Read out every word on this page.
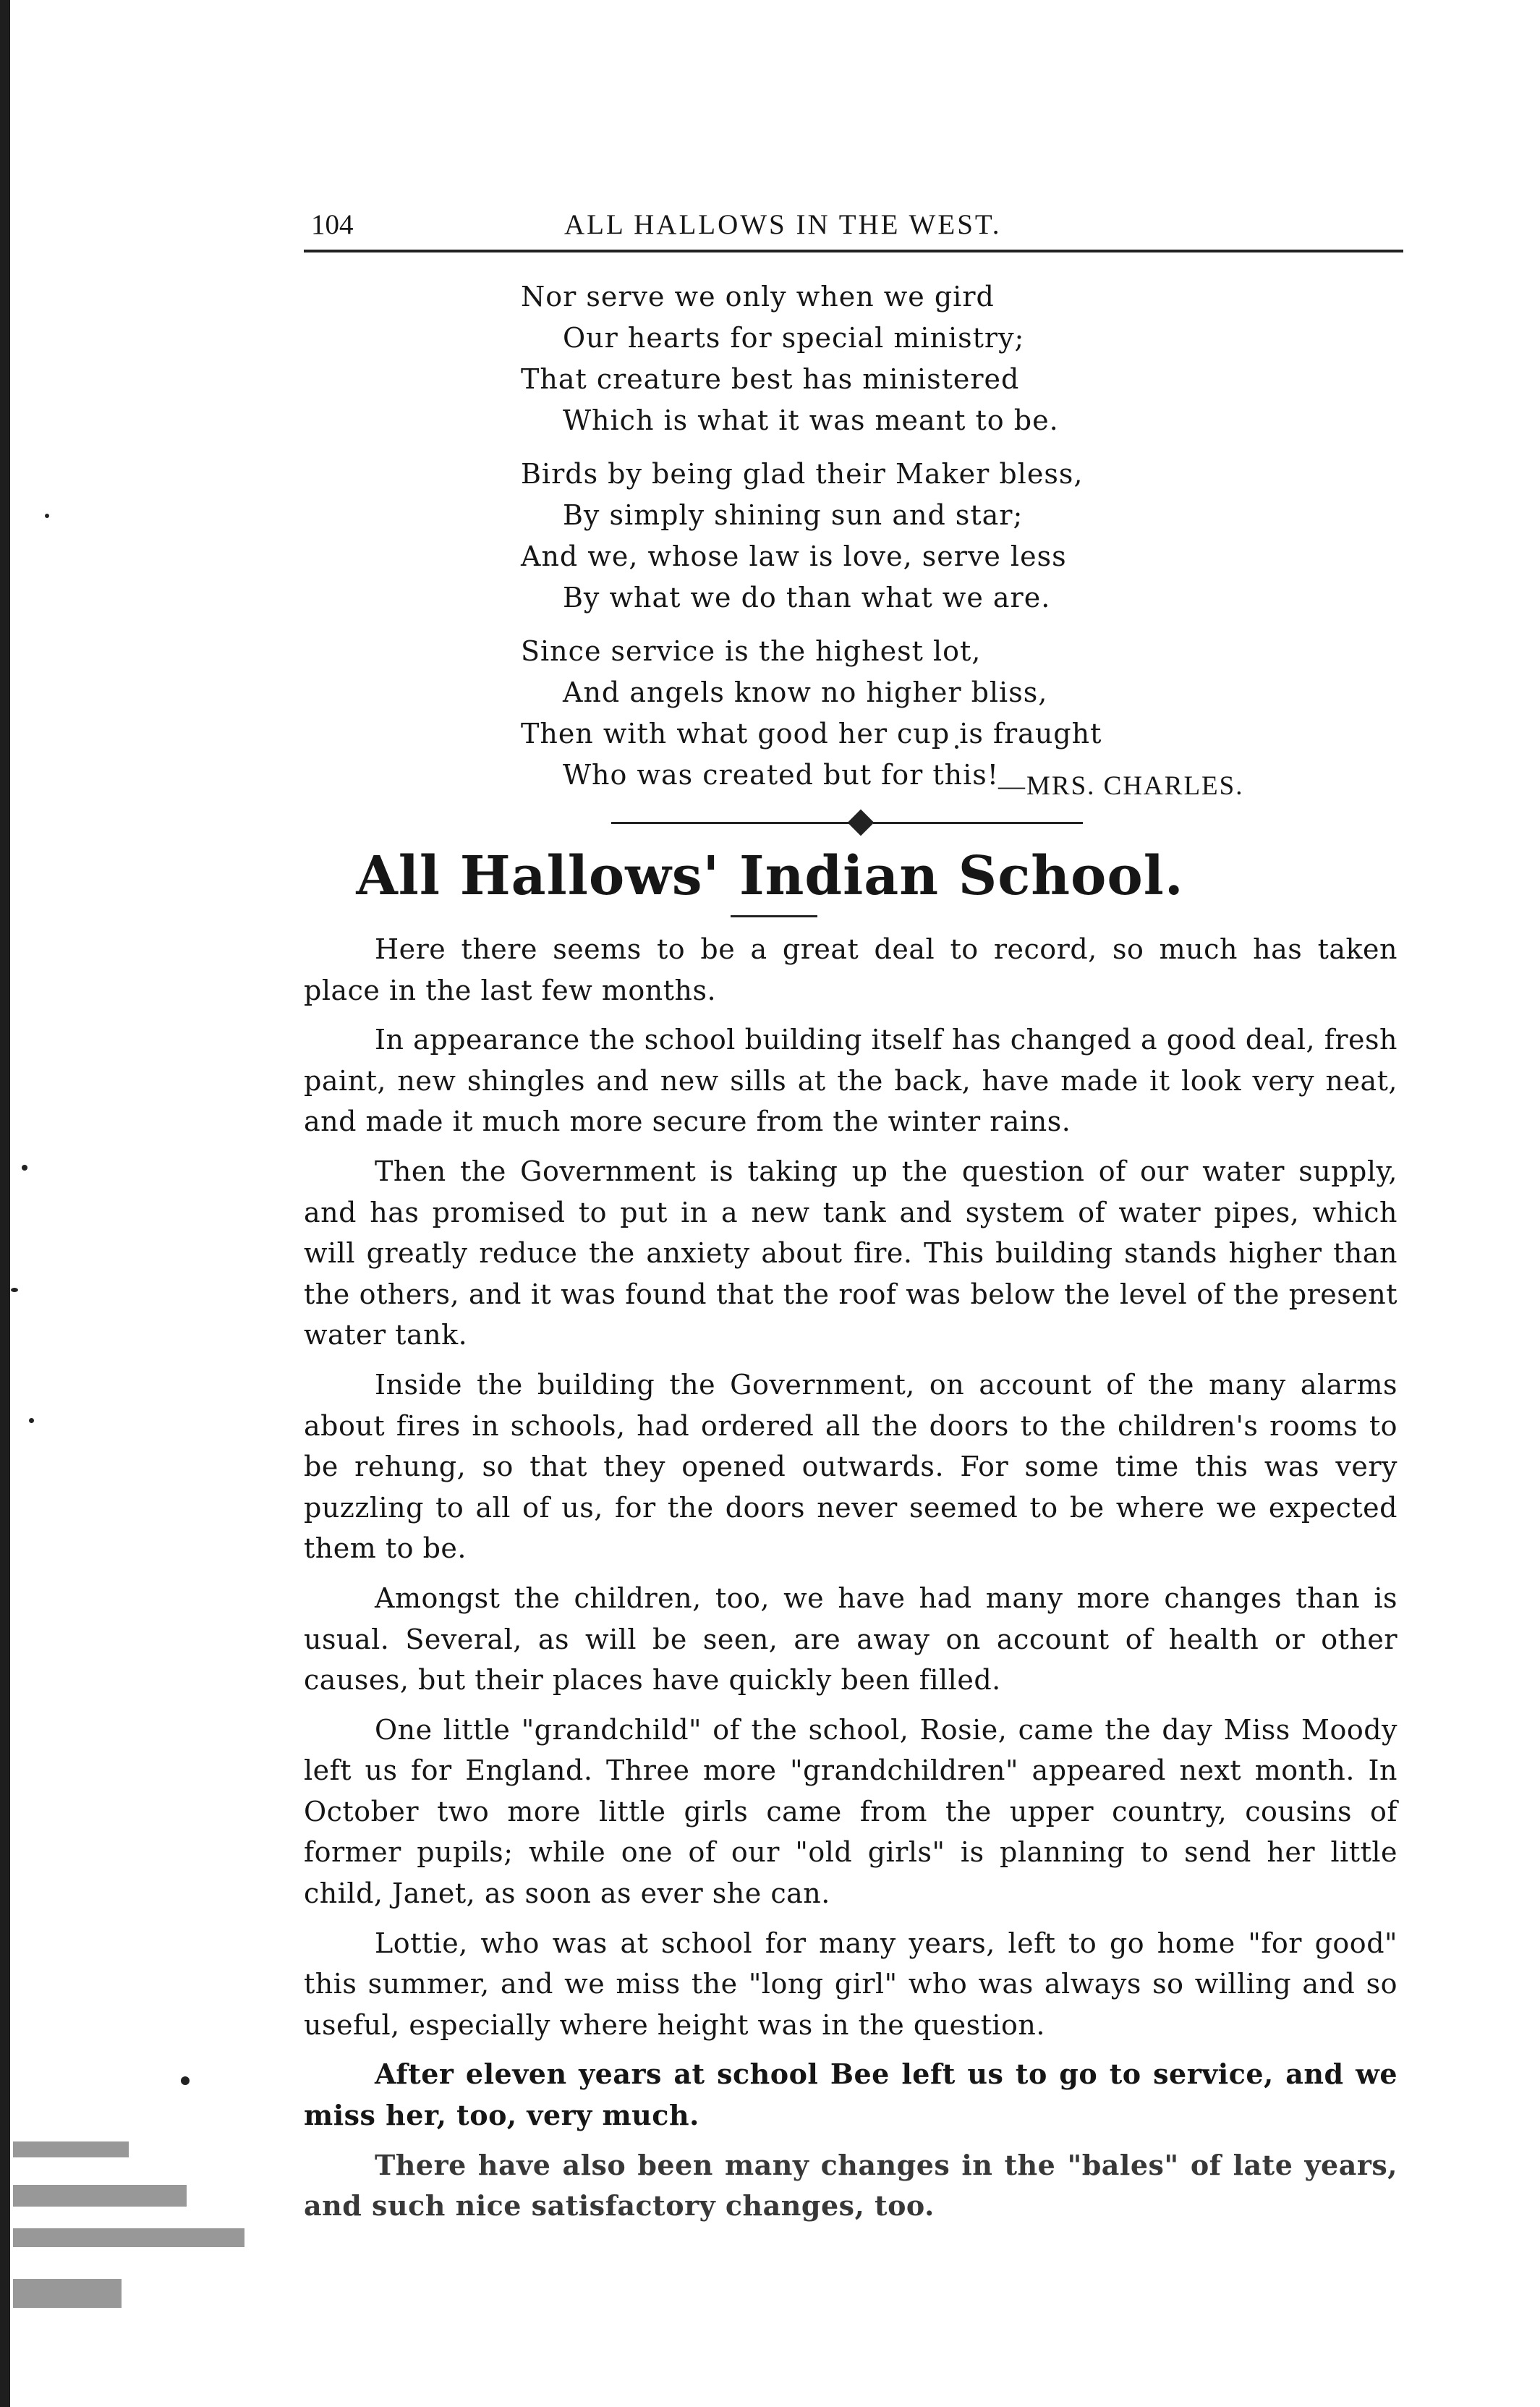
104	ALL HALLOWS IN THE WEST.
Nor serve we only when we gird
Our hearts for special ministry;
That creature best has ministered
Which is what it was meant to be.
Birds by being glad their Maker bless,
By simply shining sun and star;
And we, whose law is love, serve less
By what we do than what we are.
Since service is the highest lot,
And angels know no higher bliss,
Then with what good her cup is fraught
Who was created but for this!
—MRS. CHARLES.
All Hallows' Indian School.

Here there seems to be a great deal to record, so much has taken place in the last few months.

In appearance the school building itself has changed a good deal, fresh paint, new shingles and new sills at the back, have made it look very neat, and made it much more secure from the winter rains.

Then the Government is taking up the question of our water supply, and has promised to put in a new tank and system of water pipes, which will greatly reduce the anxiety about fire. This building stands higher than the others, and it was found that the roof was below the level of the present water tank.

Inside the building the Government, on account of the many alarms about fires in schools, had ordered all the doors to the children's rooms to be rehung, so that they opened outwards. For some time this was very puzzling to all of us, for the doors never seemed to be where we expected them to be.

Amongst the children, too, we have had many more changes than is usual. Several, as will be seen, are away on account of health or other causes, but their places have quickly been filled.

One little "grandchild" of the school, Rosie, came the day Miss Moody left us for England. Three more "grandchildren" appeared next month. In October two more little girls came from the upper country, cousins of former pupils; while one of our "old girls" is planning to send her little child, Janet, as soon as ever she can.

Lottie, who was at school for many years, left to go home "for good" this summer, and we miss the "long girl" who was always so willing and so useful, especially where height was in the question.

After eleven years at school Bee left us to go to service, and we miss her, too, very much.

There have also been many changes in the "bales" of late years, and such nice satisfactory changes, too.
